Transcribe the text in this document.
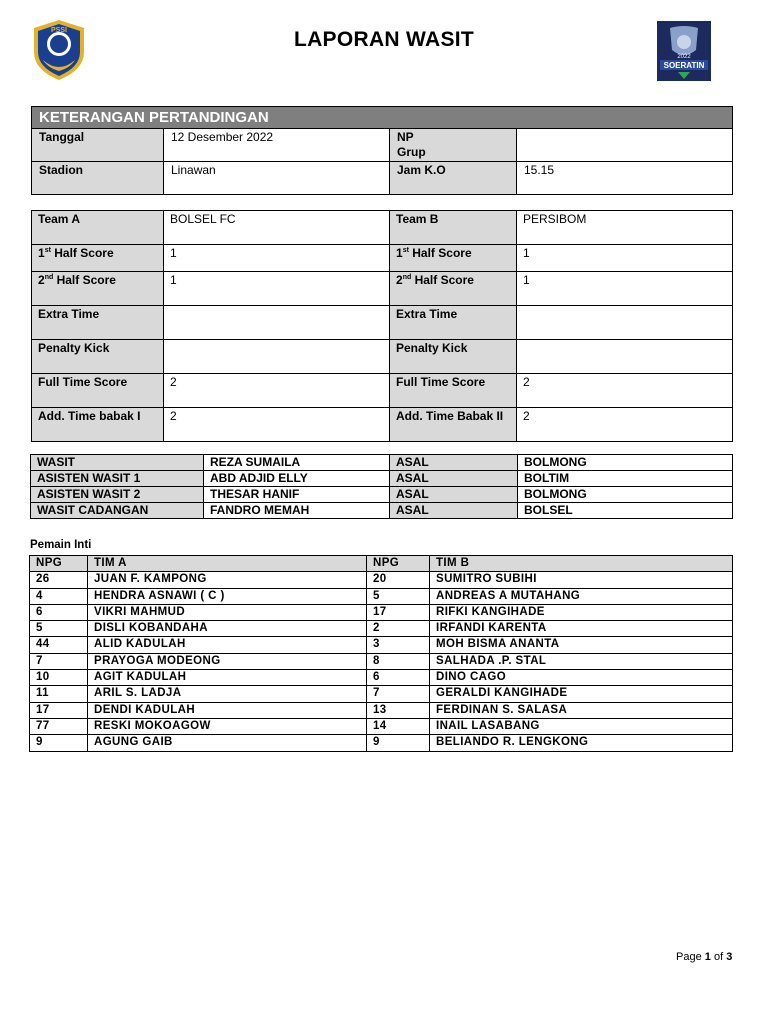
PSSI	LAPORAN WASIT
2022
SOERATIN
KETERANGAN PERTANDINGAN			
Tanggal	12 Desember 2022	NP
Grup	

Stadion	Linawan	Jam K.O	15.15
Team A	BOLSEL FC	Team B	PERSIBOM
1st Half Score	1	1st Half Score	1
2nd Half Score	1	2nd Half Score	1
Extra Time		Extra Time	
Penalty Kick		Penalty Kick	
Full Time Score	2	Full Time Score	2
Add. Time babak I	2	Add. Time Babak II	2
WASIT	REZA SUMAILA	ASAL	BOLMONG
ASISTEN WASIT 1	ABD ADJID ELLY	ASAL	BOLTIM
ASISTEN WASIT 2	THESAR HANIF	ASAL	BOLMONG
WASIT CADANGAN	FANDRO MEMAH	ASAL	BOLSEL
Pemain Inti
NPG	TIM A	NPG	TIM B
26	JUAN F. KAMPONG	20	SUMITRO SUBIHI
4	HENDRA ASNAWI ( C )	5	ANDREAS A MUTAHANG
6	VIKRI MAHMUD	17	RIFKI KANGIHADE
5	DISLI KOBANDAHA	2	IRFANDI KARENTA
44	ALID KADULAH	3	MOH BISMA ANANTA
7	PRAYOGA MODEONG	8	SALHADA .P. STAL
10	AGIT KADULAH	6	DINO CAGO
11	ARIL S. LADJA	7	GERALDI KANGIHADE
17	DENDI KADULAH	13	FERDINAN S. SALASA
77	RESKI MOKOAGOW	14	INAIL LASABANG
9	AGUNG GAIB	9	BELIANDO R. LENGKONG
Page 1 of 3
